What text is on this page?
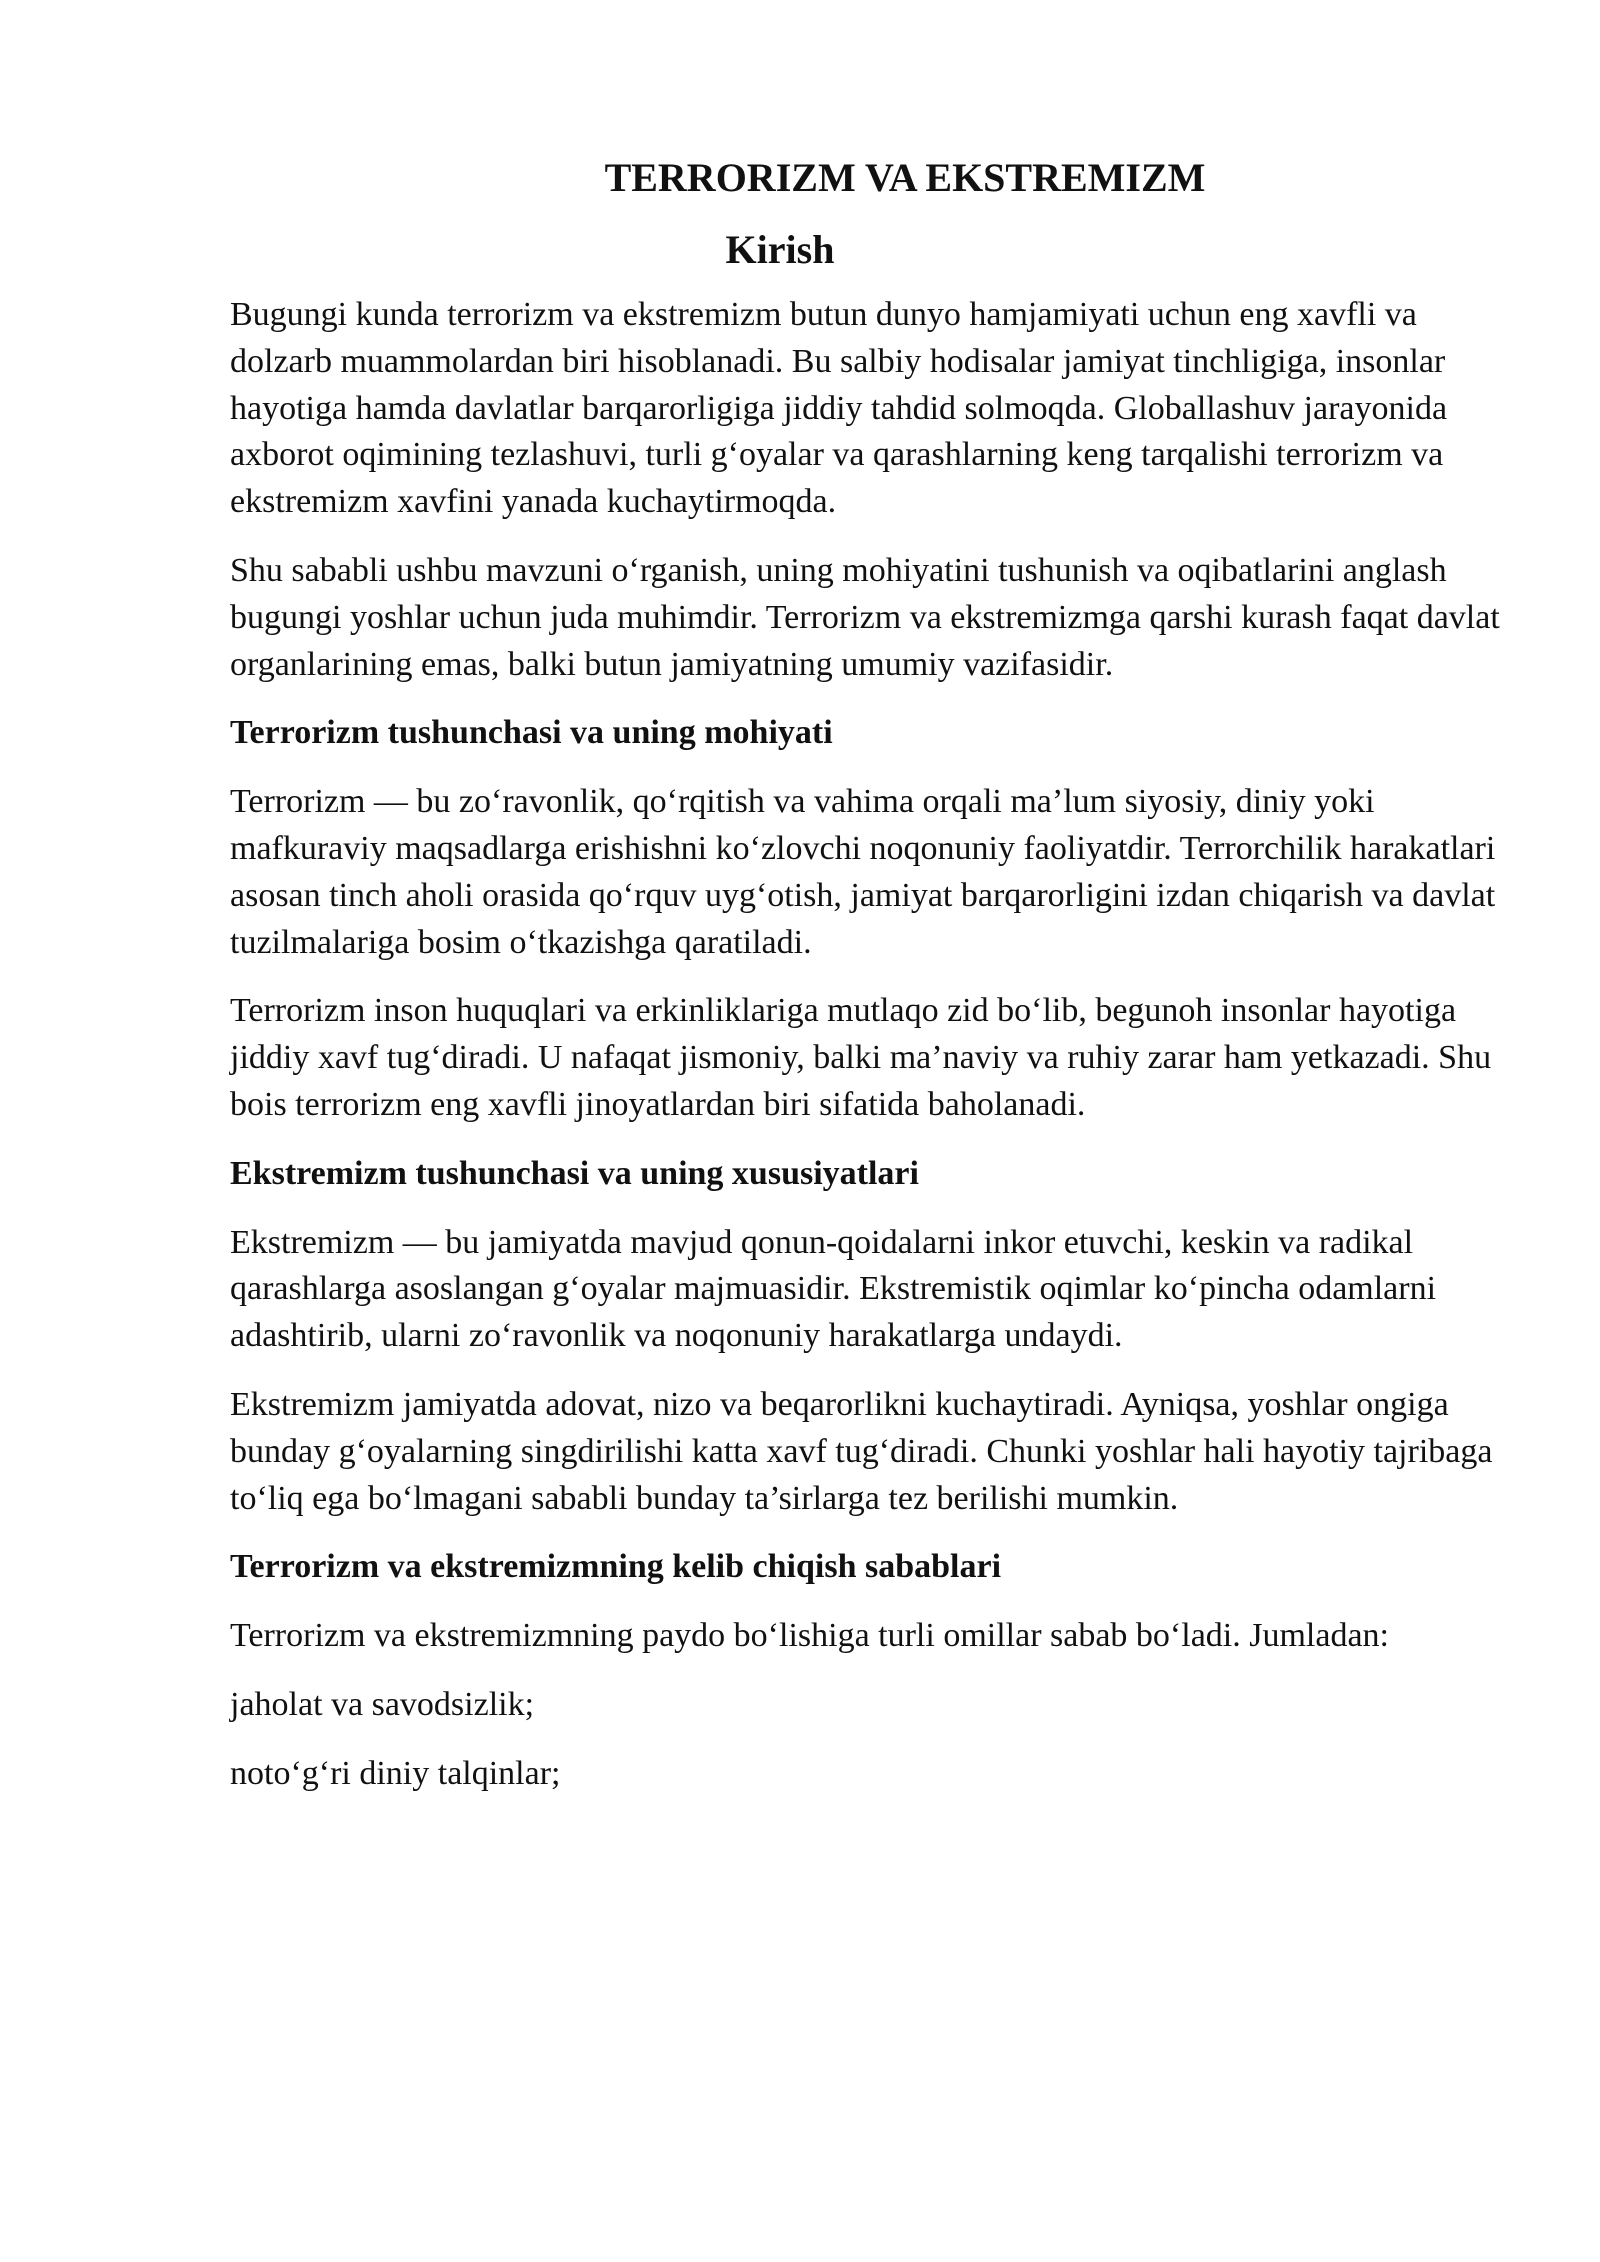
TERRORIZM VA EKSTREMIZM
Kirish

Bugungi kunda terrorizm va ekstremizm butun dunyo hamjamiyati uchun eng xavfli va dolzarb muammolardan biri hisoblanadi. Bu salbiy hodisalar jamiyat tinchligiga, insonlar hayotiga hamda davlatlar barqarorligiga jiddiy tahdid solmoqda. Globallashuv jarayonida axborot oqimining tezlashuvi, turli g‘oyalar va qarashlarning keng tarqalishi terrorizm va ekstremizm xavfini yanada kuchaytirmoqda.

Shu sababli ushbu mavzuni o‘rganish, uning mohiyatini tushunish va oqibatlarini anglash bugungi yoshlar uchun juda muhimdir. Terrorizm va ekstremizmga qarshi kurash faqat davlat organlarining emas, balki butun jamiyatning umumiy vazifasidir.

Terrorizm tushunchasi va uning mohiyati

Terrorizm — bu zo‘ravonlik, qo‘rqitish va vahima orqali ma’lum siyosiy, diniy yoki mafkuraviy maqsadlarga erishishni ko‘zlovchi noqonuniy faoliyatdir. Terrorchilik harakatlari asosan tinch aholi orasida qo‘rquv uyg‘otish, jamiyat barqarorligini izdan chiqarish va davlat tuzilmalariga bosim o‘tkazishga qaratiladi.

Terrorizm inson huquqlari va erkinliklariga mutlaqo zid bo‘lib, begunoh insonlar hayotiga jiddiy xavf tug‘diradi. U nafaqat jismoniy, balki ma’naviy va ruhiy zarar ham yetkazadi. Shu bois terrorizm eng xavfli jinoyatlardan biri sifatida baholanadi.

Ekstremizm tushunchasi va uning xususiyatlari

Ekstremizm — bu jamiyatda mavjud qonun-qoidalarni inkor etuvchi, keskin va radikal qarashlarga asoslangan g‘oyalar majmuasidir. Ekstremistik oqimlar ko‘pincha odamlarni adashtirib, ularni zo‘ravonlik va noqonuniy harakatlarga undaydi.

Ekstremizm jamiyatda adovat, nizo va beqarorlikni kuchaytiradi. Ayniqsa, yoshlar ongiga bunday g‘oyalarning singdirilishi katta xavf tug‘diradi. Chunki yoshlar hali hayotiy tajribaga to‘liq ega bo‘lmagani sababli bunday ta’sirlarga tez berilishi mumkin.

Terrorizm va ekstremizmning kelib chiqish sabablari

Terrorizm va ekstremizmning paydo bo‘lishiga turli omillar sabab bo‘ladi. Jumladan:

jaholat va savodsizlik;

noto‘g‘ri diniy talqinlar;
